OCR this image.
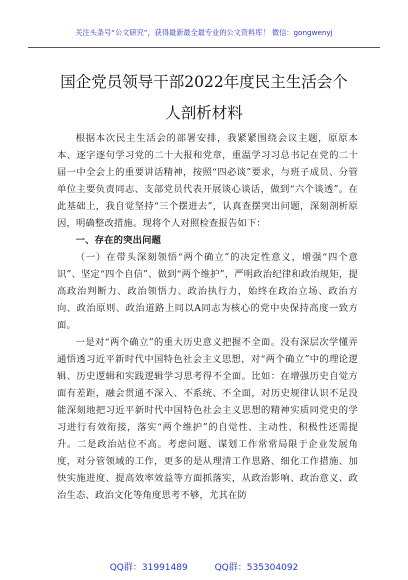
关注头条号“公文研究”，获得最新最全最专业的公文资料库！ 微信：gongwenyj
国企党员领导干部2022年度民主生活会个
人剖析材料

根据本次民主生活会的部署安排，我紧紧围绕会议主题，原原本本、逐字逐句学习党的二十大报和党章，重温学习习总书记在党的二十届一中全会上的重要讲话精神，按照“四必谈”要求，与班子成员、分管单位主要负责同志、支部党员代表开展谈心谈话，做到“六个谈透”。在此基础上，我自觉坚持“三个摆进去”，认真查摆突出问题，深刻剖析原因，明确整改措施。现将个人对照检查报告如下：

一、存在的突出问题

（一）在带头深刻领悟“两个确立”的决定性意义，增强“四个意识”、坚定“四个自信”、做到“两个维护”，严明政治纪律和政治规矩，提高政治判断力、政治领悟力、政治执行力，始终在政治立场、政治方向、政治原则、政治道路上同以A同志为核心的党中央保持高度一致方面。

一是对“两个确立”的重大历史意义把握不全面。没有深层次学懂弄通悟透习近平新时代中国特色社会主义思想，对“两个确立”中的理论逻辑、历史逻辑和实践逻辑学习思考得不全面。比如：在增强历史自觉方面有差距，融会贯通不深入、不系统、不全面，对历史规律认识不足没能深刻地把习近平新时代中国特色社会主义思想的精神实质同党史的学习进行有效衔接，落实“两个维护”的自觉性、主动性、积极性还需提升。二是政治站位不高。考虑问题、谋划工作常常局限于企业发展角度，对分管领域的工作，更多的是从理清工作思路、细化工作措施、加快实施进度、提高效率效益等方面抓落实，从政治影响、政治意义、政治生态、政治文化等角度思考不够，尤其在防

QQ群：31991489	QQ群：535304092
